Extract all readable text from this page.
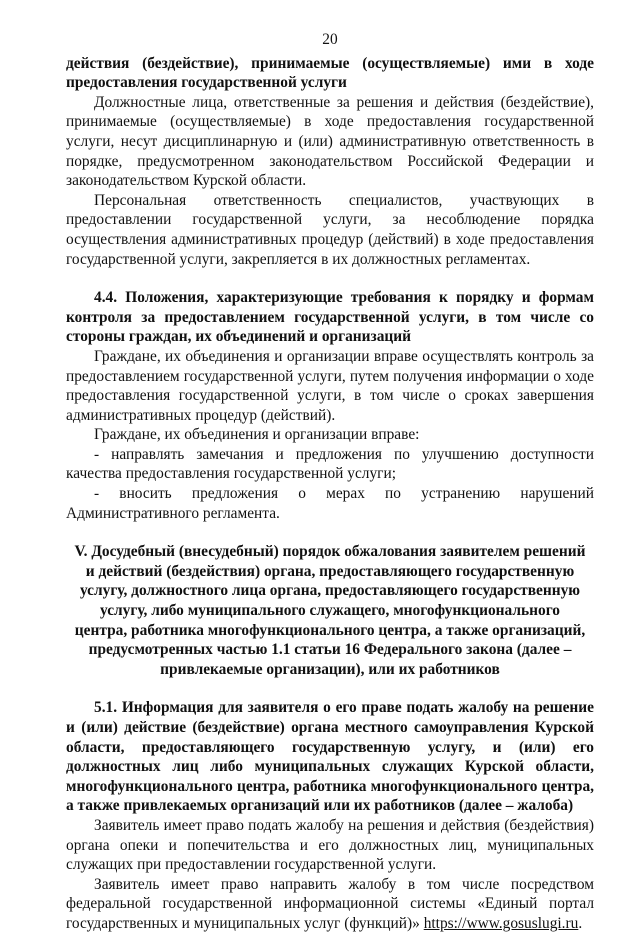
20

действия (бездействие), принимаемые (осуществляемые) ими в ходе предоставления государственной услуги

Должностные лица, ответственные за решения и действия (бездействие), принимаемые (осуществляемые) в ходе предоставления государственной услуги, несут дисциплинарную и (или) административную ответственность в порядке, предусмотренном законодательством Российской Федерации и законодательством Курской области.

Персональная ответственность специалистов, участвующих в предоставлении государственной услуги, за несоблюдение порядка осуществления административных процедур (действий) в ходе предоставления государственной услуги, закрепляется в их должностных регламентах.

4.4. Положения, характеризующие требования к порядку и формам контроля за предоставлением государственной услуги, в том числе со стороны граждан, их объединений и организаций

Граждане, их объединения и организации вправе осуществлять контроль за предоставлением государственной услуги, путем получения информации о ходе предоставления государственной услуги, в том числе о сроках завершения административных процедур (действий).

Граждане, их объединения и организации вправе:

- направлять замечания и предложения по улучшению доступности качества предоставления государственной услуги;

- вносить предложения о мерах по устранению нарушений Административного регламента.

V. Досудебный (внесудебный) порядок обжалования заявителем решений и действий (бездействия) органа, предоставляющего государственную услугу, должностного лица органа, предоставляющего государственную услугу, либо муниципального служащего, многофункционального центра, работника многофункционального центра, а также организаций, предусмотренных частью 1.1 статьи 16 Федерального закона (далее – привлекаемые организации), или их работников

5.1. Информация для заявителя о его праве подать жалобу на решение и (или) действие (бездействие) органа местного самоуправления Курской области, предоставляющего государственную услугу, и (или) его должностных лиц либо муниципальных служащих Курской области, многофункционального центра, работника многофункционального центра, а также привлекаемых организаций или их работников (далее – жалоба)

Заявитель имеет право подать жалобу на решения и действия (бездействия) органа опеки и попечительства и его должностных лиц, муниципальных служащих при предоставлении государственной услуги.

Заявитель имеет право направить жалобу в том числе посредством федеральной государственной информационной системы «Единый портал государственных и муниципальных услуг (функций)» https://www.gosuslugi.ru.
